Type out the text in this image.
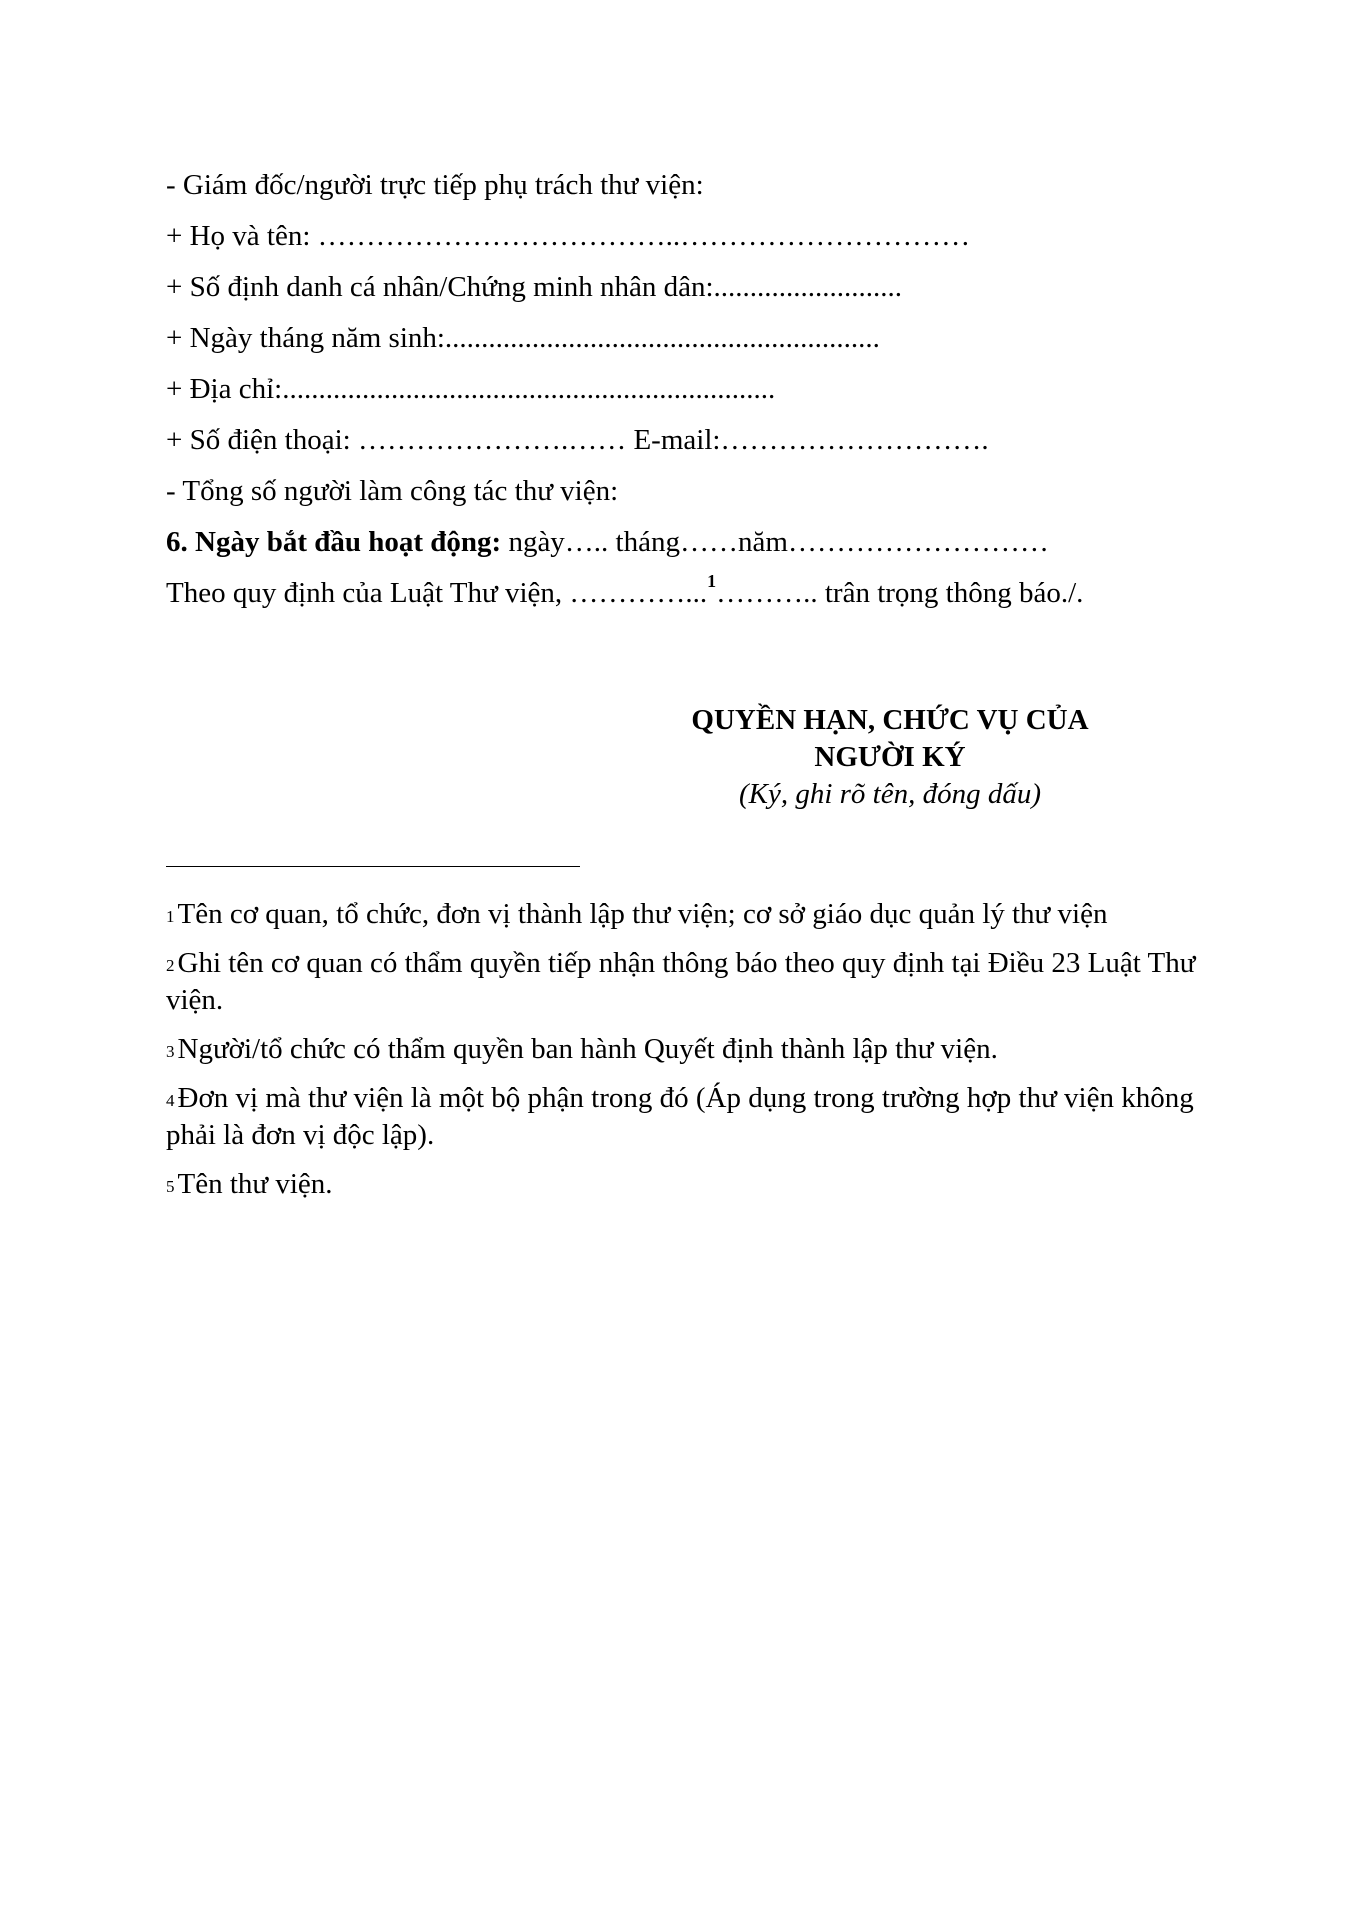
- Giám đốc/người trực tiếp phụ trách thư viện:
+ Họ và tên: ………………………………..…………………………
+ Số định danh cá nhân/Chứng minh nhân dân:..........................
+ Ngày tháng năm sinh:............................................................
+ Địa chỉ:....................................................................
+ Số điện thoại: ………………….…… E-mail:……………………….
- Tổng số người làm công tác thư viện:
6. Ngày bắt đầu hoạt động: ngày….. tháng……năm………………………
Theo quy định của Luật Thư viện, …………...$^1$……….. trân trọng thông báo./.
QUYỀN HẠN, CHỨC VỤ CỦA
NGƯỜI KÝ
(Ký, ghi rõ tên, đóng dấu)
$^1$ Tên cơ quan, tổ chức, đơn vị thành lập thư viện; cơ sở giáo dục quản lý thư viện
$^2$ Ghi tên cơ quan có thẩm quyền tiếp nhận thông báo theo quy định tại Điều 23 Luật Thư viện.
$^3$ Người/tổ chức có thẩm quyền ban hành Quyết định thành lập thư viện.
$^4$ Đơn vị mà thư viện là một bộ phận trong đó (Áp dụng trong trường hợp thư viện không phải là đơn vị độc lập).
$^5$ Tên thư viện.
